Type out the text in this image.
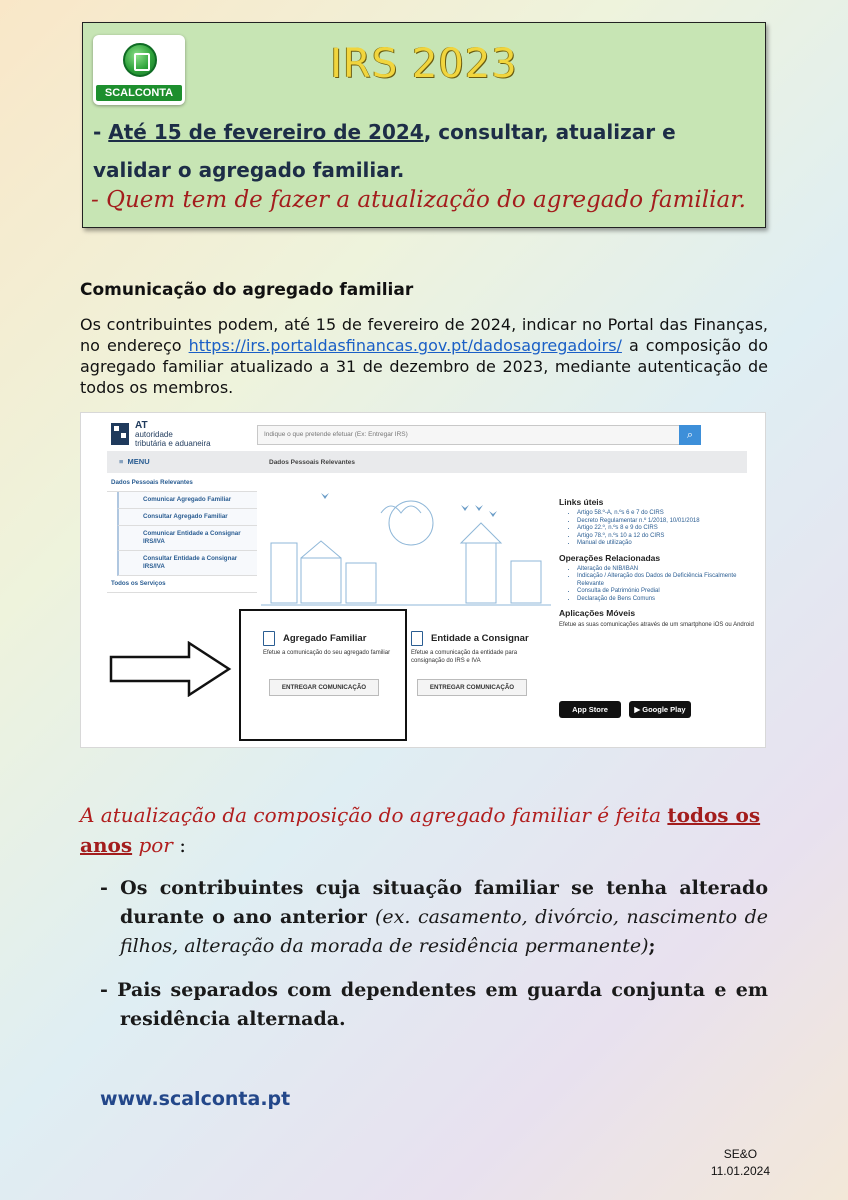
SCALCONTA
IRS 2023
- Até 15 de fevereiro de 2024, consultar, atualizar e validar o agregado familiar.
- Quem tem de fazer a atualização do agregado familiar.
Comunicação do agregado familiar

Os contribuintes podem, até 15 de fevereiro de 2024, indicar no Portal das Finanças, no endereço https://irs.portaldasfinancas.gov.pt/dadosagregadoirs/ a composição do agregado familiar atualizado a 31 de dezembro de 2023, mediante autenticação de todos os membros.

AT
autoridade
tributária e aduaneira
Indique o que pretende efetuar (Ex: Entregar IRS)	⌕
≡  MENU	Dados Pessoais Relevantes
Dados Pessoais Relevantes
Comunicar Agregado Familiar
Consultar Agregado Familiar
Comunicar Entidade a Consignar IRS/IVA
Consultar Entidade a Consignar IRS/IVA
Todos os Serviços
Agregado Familiar
Efetue a comunicação do seu agregado familiar
ENTREGAR COMUNICAÇÃO
Entidade a Consignar
Efetue a comunicação da entidade para consignação do IRS e IVA
ENTREGAR COMUNICAÇÃO
Links úteis
• Artigo 58.º-A, n.ºs 6 e 7 do CIRS
• Decreto Regulamentar n.º 1/2018, 10/01/2018
• Artigo 22.º, n.ºs 8 e 9 do CIRS
• Artigo 78.º, n.ºs 10 a 12 do CIRS
• Manual de utilização
Operações Relacionadas
• Alteração de NIB/IBAN
• Indicação / Alteração dos Dados de Deficiência Fiscalmente Relevante
• Consulta de Património Predial
• Declaração de Bens Comuns
Aplicações Móveis

Efetue as suas comunicações através de um smartphone iOS ou Android

App Store	▶ Google Play

A atualização da composição do agregado familiar é feita todos os anos por :

- Os contribuintes cuja situação familiar se tenha alterado durante o ano anterior (ex. casamento, divórcio, nascimento de filhos, alteração da morada de residência permanente);

- Pais separados com dependentes em guarda conjunta e em residência alternada.

www.scalconta.pt
SE&O
11.01.2024
